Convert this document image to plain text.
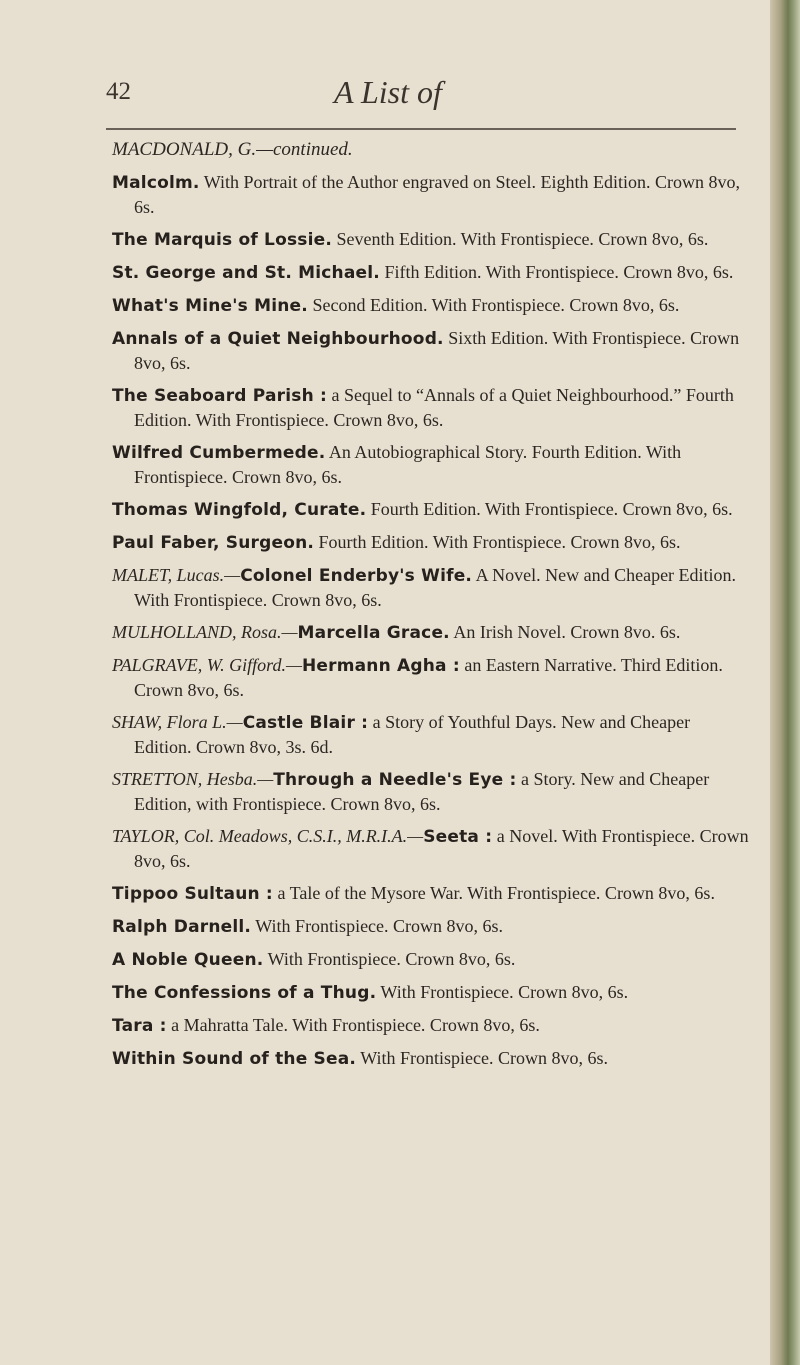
42	A List of
MACDONALD, G.—continued.
Malcolm. With Portrait of the Author engraved on Steel. Eighth Edition. Crown 8vo, 6s.
The Marquis of Lossie. Seventh Edition. With Frontispiece. Crown 8vo, 6s.
St. George and St. Michael. Fifth Edition. With Frontispiece. Crown 8vo, 6s.
What's Mine's Mine. Second Edition. With Frontispiece. Crown 8vo, 6s.
Annals of a Quiet Neighbourhood. Sixth Edition. With Frontispiece. Crown 8vo, 6s.
The Seaboard Parish : a Sequel to “Annals of a Quiet Neighbourhood.” Fourth Edition. With Frontispiece. Crown 8vo, 6s.
Wilfred Cumbermede. An Autobiographical Story. Fourth Edition. With Frontispiece. Crown 8vo, 6s.
Thomas Wingfold, Curate. Fourth Edition. With Frontispiece. Crown 8vo, 6s.
Paul Faber, Surgeon. Fourth Edition. With Frontispiece. Crown 8vo, 6s.
MALET, Lucas.—Colonel Enderby's Wife. A Novel. New and Cheaper Edition. With Frontispiece. Crown 8vo, 6s.
MULHOLLAND, Rosa.—Marcella Grace. An Irish Novel. Crown 8vo. 6s.
PALGRAVE, W. Gifford.—Hermann Agha : an Eastern Narrative. Third Edition. Crown 8vo, 6s.
SHAW, Flora L.—Castle Blair : a Story of Youthful Days. New and Cheaper Edition. Crown 8vo, 3s. 6d.
STRETTON, Hesba.—Through a Needle's Eye : a Story. New and Cheaper Edition, with Frontispiece. Crown 8vo, 6s.
TAYLOR, Col. Meadows, C.S.I., M.R.I.A.—Seeta : a Novel. With Frontispiece. Crown 8vo, 6s.
Tippoo Sultaun : a Tale of the Mysore War. With Frontispiece. Crown 8vo, 6s.
Ralph Darnell. With Frontispiece. Crown 8vo, 6s.
A Noble Queen. With Frontispiece. Crown 8vo, 6s.
The Confessions of a Thug. With Frontispiece. Crown 8vo, 6s.
Tara : a Mahratta Tale. With Frontispiece. Crown 8vo, 6s.
Within Sound of the Sea. With Frontispiece. Crown 8vo, 6s.
